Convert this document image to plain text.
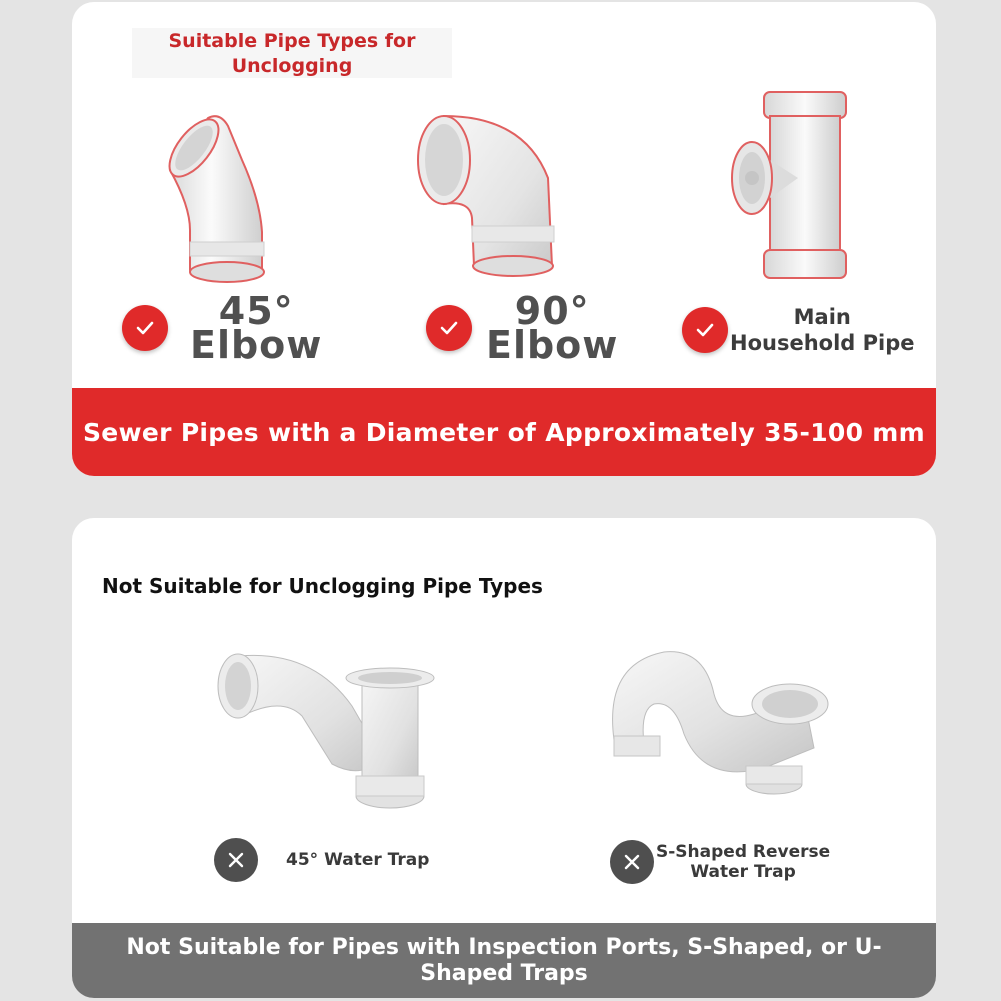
Suitable Pipe Types for
Unclogging
45°
Elbow
90°
Elbow
Main
Household Pipe
Sewer Pipes with a Diameter of Approximately 35-100 mm
Not Suitable for Unclogging Pipe Types
45° Water Trap	S-Shaped Reverse
Water Trap
Not Suitable for Pipes with Inspection Ports, S-Shaped, or U-Shaped Traps
